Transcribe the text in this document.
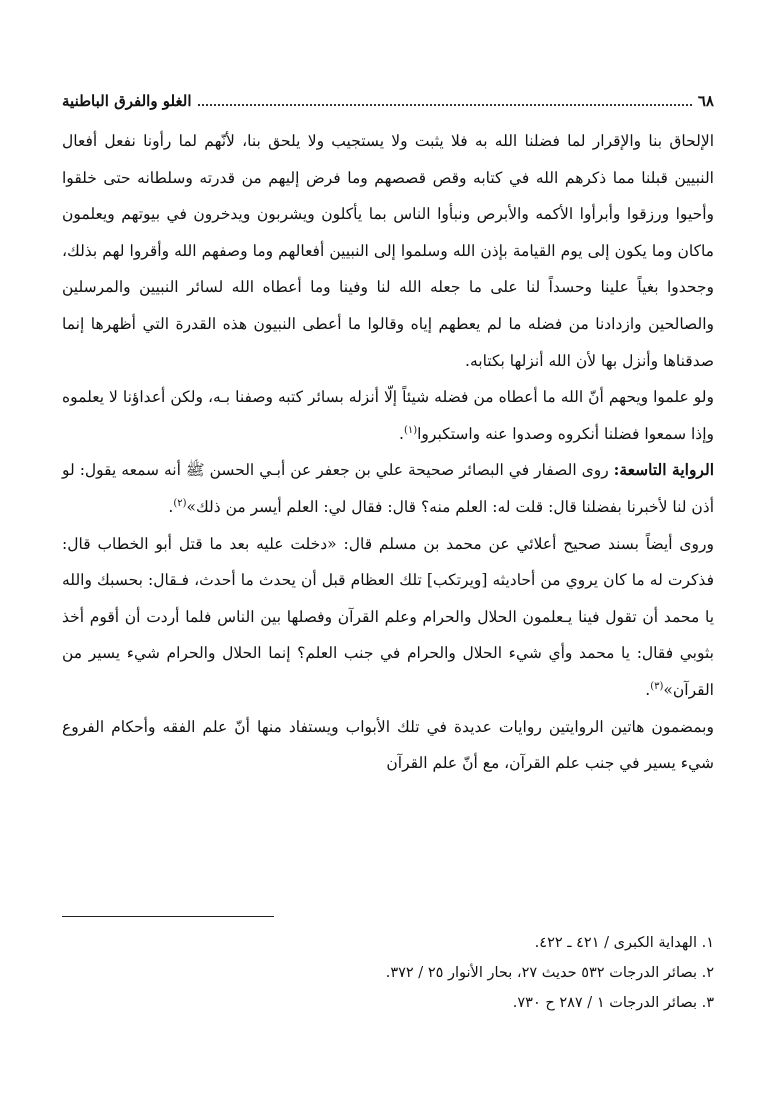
٦٨
الغلو والفرق الباطنية

الإلحاق بنا والإقرار لما فضلنا الله به فلا يثبت ولا يستجيب ولا يلحق بنا، لأنّهم لما رأونا نفعل أفعال النبيين قبلنا مما ذكرهم الله في كتابه وقص قصصهم وما فرض إليهم من قدرته وسلطانه حتى خلقوا وأحيوا ورزقوا وأبرأوا الأكمه والأبرص ونبأوا الناس بما يأكلون ويشربون ويدخرون في بيوتهم ويعلمون ماكان وما يكون إلى يوم القيامة بإذن الله وسلموا إلى النبيين أفعالهم وما وصفهم الله وأقروا لهم بذلك، وجحدوا بغياً علينا وحسداً لنا على ما جعله الله لنا وفينا وما أعطاه الله لسائر النبيين والمرسلين والصالحين وازدادنا من فضله ما لم يعطهم إياه وقالوا ما أعطى النبيون هذه القدرة التي أظهرها إنما صدقناها وأنزل بها لأن الله أنزلها بكتابه.

ولو علموا ويحهم أنّ الله ما أعطاه من فضله شيئاً إلّا أنزله بسائر كتبه وصفنا بـه، ولكن أعداؤنا لا يعلموه وإذا سمعوا فضلنا أنكروه وصدوا عنه واستكبروا$^{(١)}$.

الرواية التاسعة: روى الصفار في البصائر صحيحة علي بن جعفر عن أبـي الحسن ﷺ أنه سمعه يقول: لو أذن لنا لأخبرنا بفضلنا قال: قلت له: العلم منه؟ قال: فقال لي: العلم أيسر من ذلك»$^{(٢)}$.

وروى أيضاً بسند صحيح أعلائي عن محمد بن مسلم قال: «دخلت عليه بعد ما قتل أبو الخطاب قال: فذكرت له ما كان يروي من أحاديثه [ويرتكب] تلك العظام قبل أن يحدث ما أحدث، فـقال: بحسبك والله يا محمد أن تقول فينا يـعلمون الحلال والحرام وعلم القرآن وفصلها بين الناس فلما أردت أن أقوم أخذ بثوبي فقال: يا محمد وأي شيء الحلال والحرام في جنب العلم؟ إنما الحلال والحرام شيء يسير من القرآن»$^{(٣)}$.

وبمضمون هاتين الروايتين روايات عديدة في تلك الأبواب ويستفاد منها أنّ علم الفقه وأحكام الفروع شيء يسير في جنب علم القرآن، مع أنّ علم القرآن

١. الهداية الكبرى / ٤٢١ ـ ٤٢٢.
٢. بصائر الدرجات ٥٣٢ حديث ٢٧، بحار الأنوار ٢٥ / ٣٧٢.
٣. بصائر الدرجات ١ / ٢٨٧ ح ٧٣٠.
